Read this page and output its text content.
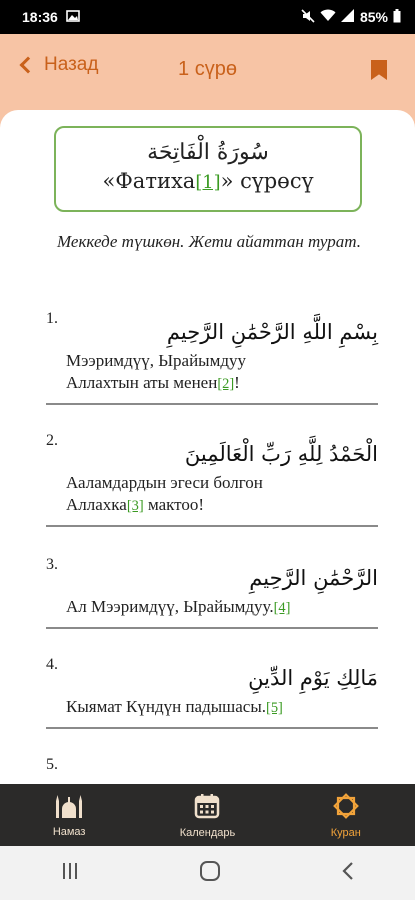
18:36	85%
Назад	1 сүрө
سُورَةُ الْفَاتِحَة
«Фатиха[1]» сүрөсү
Меккеде түшкөн. Жети айаттан турат.
1.
بِسْمِ اللَّهِ الرَّحْمَٰنِ الرَّحِيمِ
Мээримдүү, Ырайымдуу
Аллахтын аты менен[2]!
2.
الْحَمْدُ لِلَّهِ رَبِّ الْعَالَمِينَ
Ааламдардын эгеси болгон
Аллахка[3] мактоо!
3.
الرَّحْمَٰنِ الرَّحِيمِ
Ал Мээримдүү, Ырайымдуу.[4]
4.
مَالِكِ يَوْمِ الدِّينِ
Кыямат Күндүн падышасы.[5]
5.
Намаз	Календарь	Куран
